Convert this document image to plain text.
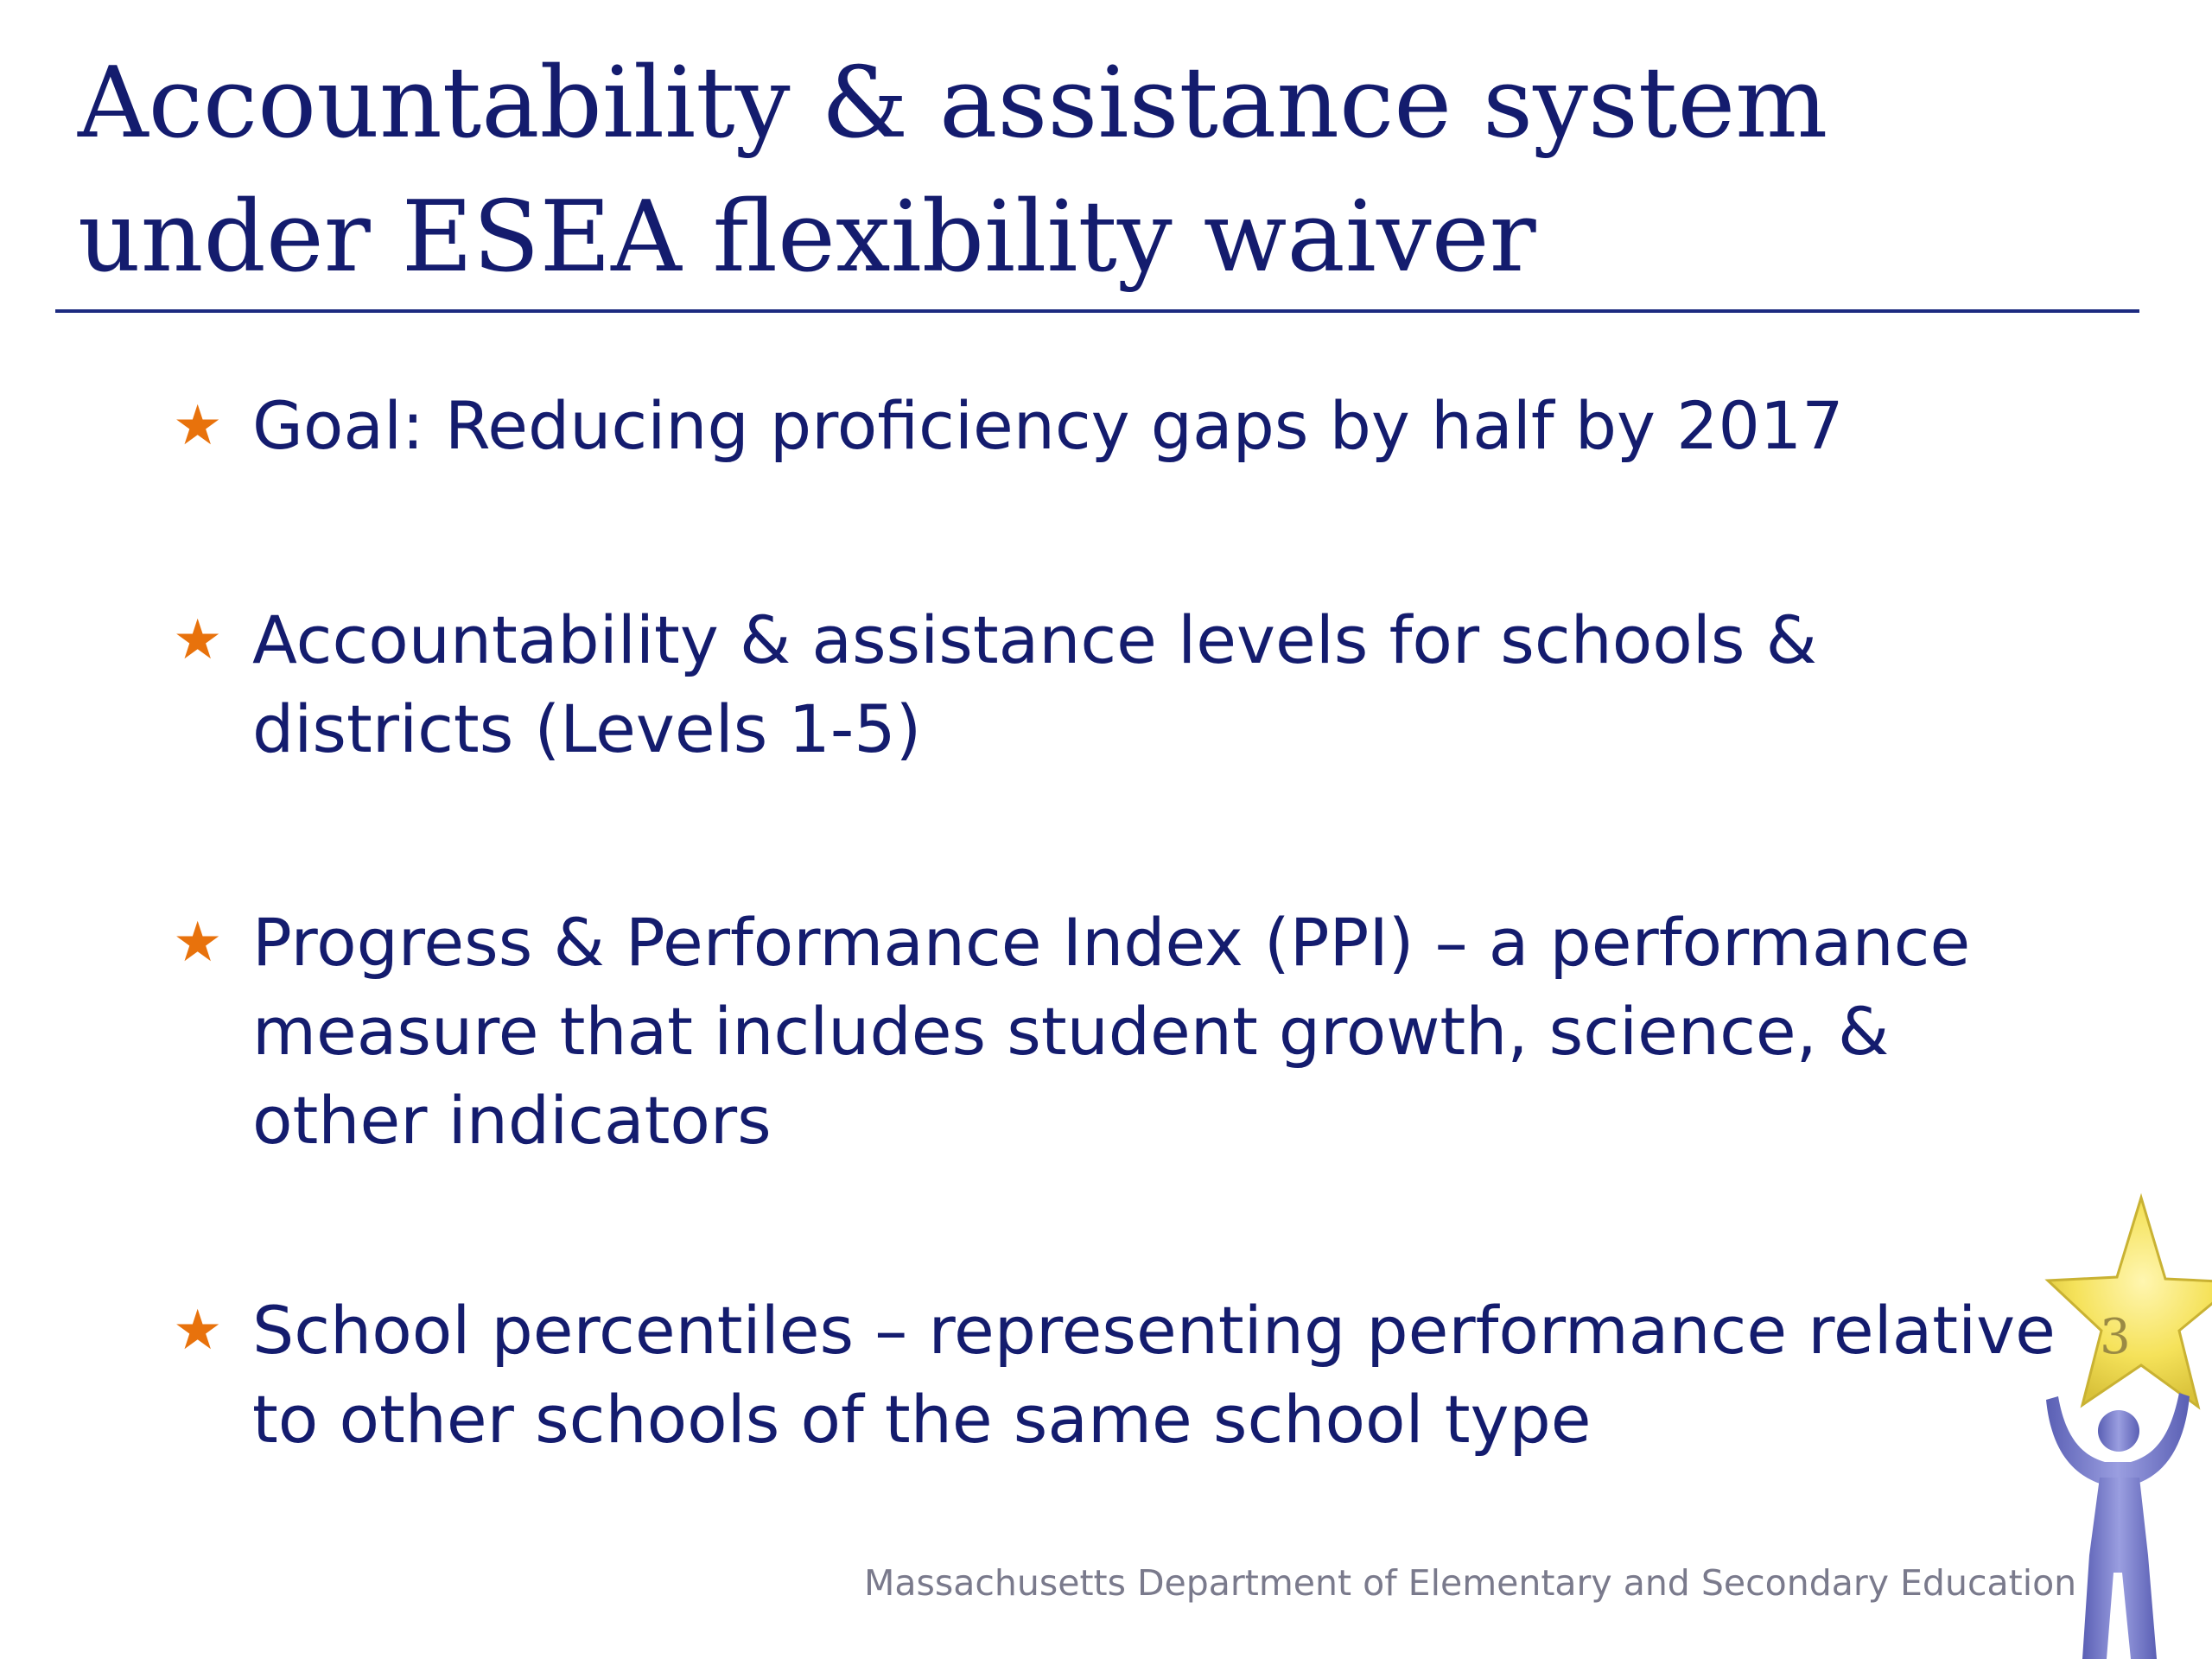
Accountability & assistance system
under ESEA flexibility waiver
★ Goal: Reducing proficiency gaps by half by 2017
★ Accountability & assistance levels for schools &
districts (Levels 1-5)
★ Progress & Performance Index (PPI) – a performance
measure that includes student growth, science, &
other indicators
★ School percentiles – representing performance relative
to other schools of the same school type
3
Massachusetts Department of Elementary and Secondary Education
